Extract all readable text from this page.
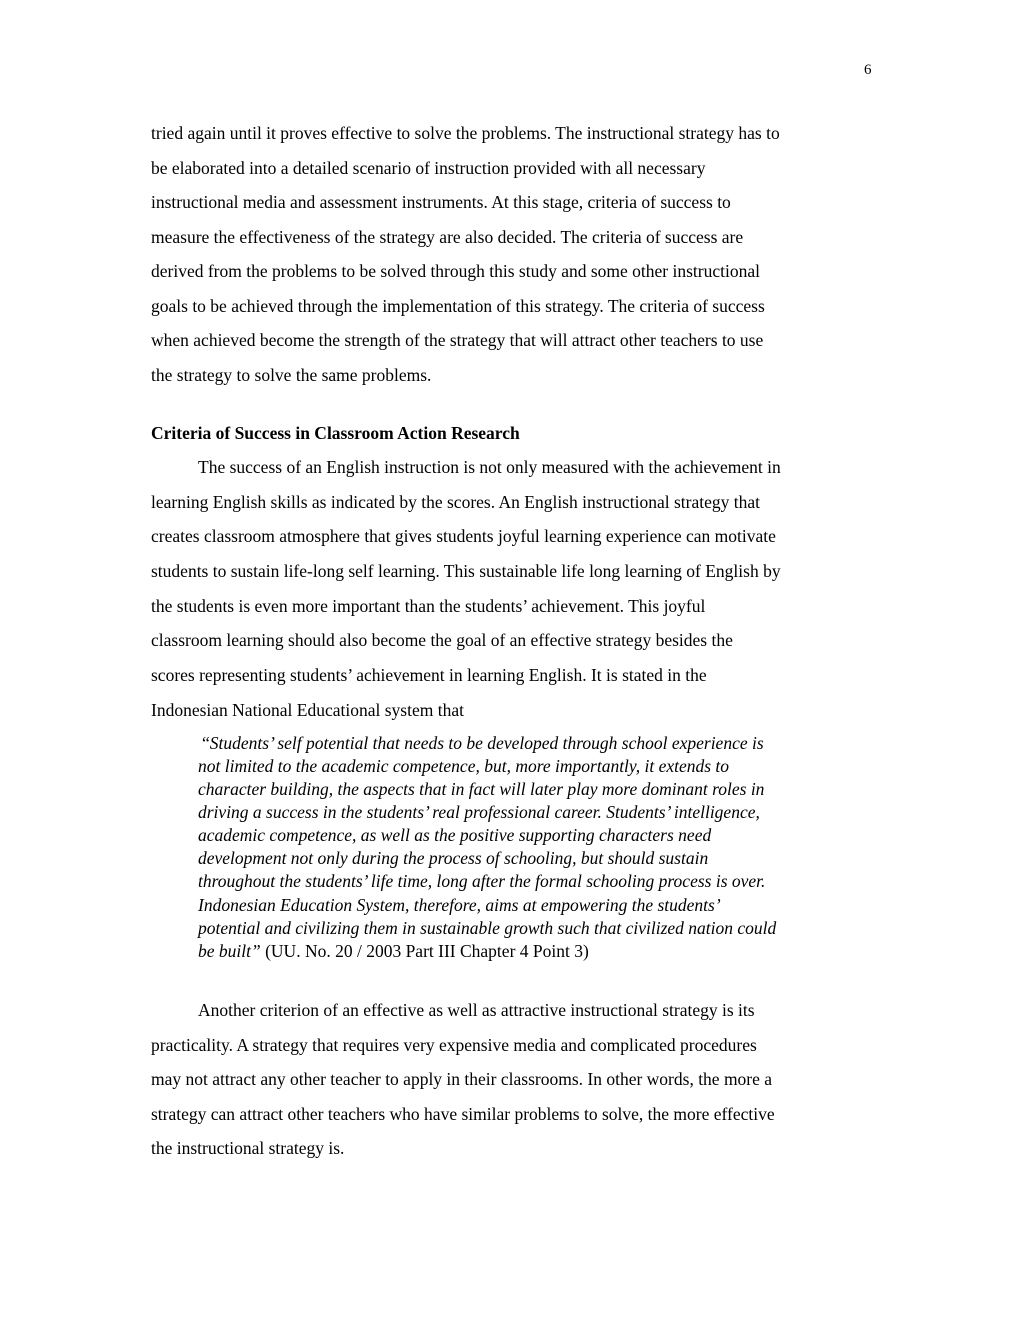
6
tried again until it proves effective to solve the problems. The instructional strategy has to
be elaborated into a detailed scenario of instruction provided with all necessary
instructional media and assessment instruments. At this stage, criteria of success to
measure the effectiveness of the strategy are also decided. The criteria of success are
derived from the problems to be solved through this study and some other instructional
goals to be achieved through the implementation of this strategy. The criteria of success
when achieved become the strength of the strategy that will attract other teachers to use
the strategy to solve the same problems.
Criteria of Success in Classroom Action Research
The success of an English instruction is not only measured with the achievement in
learning English skills as indicated by the scores. An English instructional strategy that
creates classroom atmosphere that gives students joyful learning experience can motivate
students to sustain life-long self learning. This sustainable life long learning of English by
the students is even more important than the students’ achievement. This joyful
classroom learning should also become the goal of an effective strategy besides the
scores representing students’ achievement in learning English. It is stated in the
Indonesian National Educational system that
“Students’ self potential that needs to be developed through school experience is
not limited to the academic competence, but, more importantly, it extends to
character building, the aspects that in fact will later play more dominant roles in
driving a success in the students’ real professional career. Students’ intelligence,
academic competence, as well as the positive supporting characters need
development not only during the process of schooling, but should sustain
throughout the students’ life time, long after the formal schooling process is over.
Indonesian Education System, therefore, aims at empowering the students’
potential and civilizing them in sustainable growth such that civilized nation could
be built” (UU. No. 20 / 2003 Part III Chapter 4 Point 3)
Another criterion of an effective as well as attractive instructional strategy is its
practicality. A strategy that requires very expensive media and complicated procedures
may not attract any other teacher to apply in their classrooms. In other words, the more a
strategy can attract other teachers who have similar problems to solve, the more effective
the instructional strategy is.
